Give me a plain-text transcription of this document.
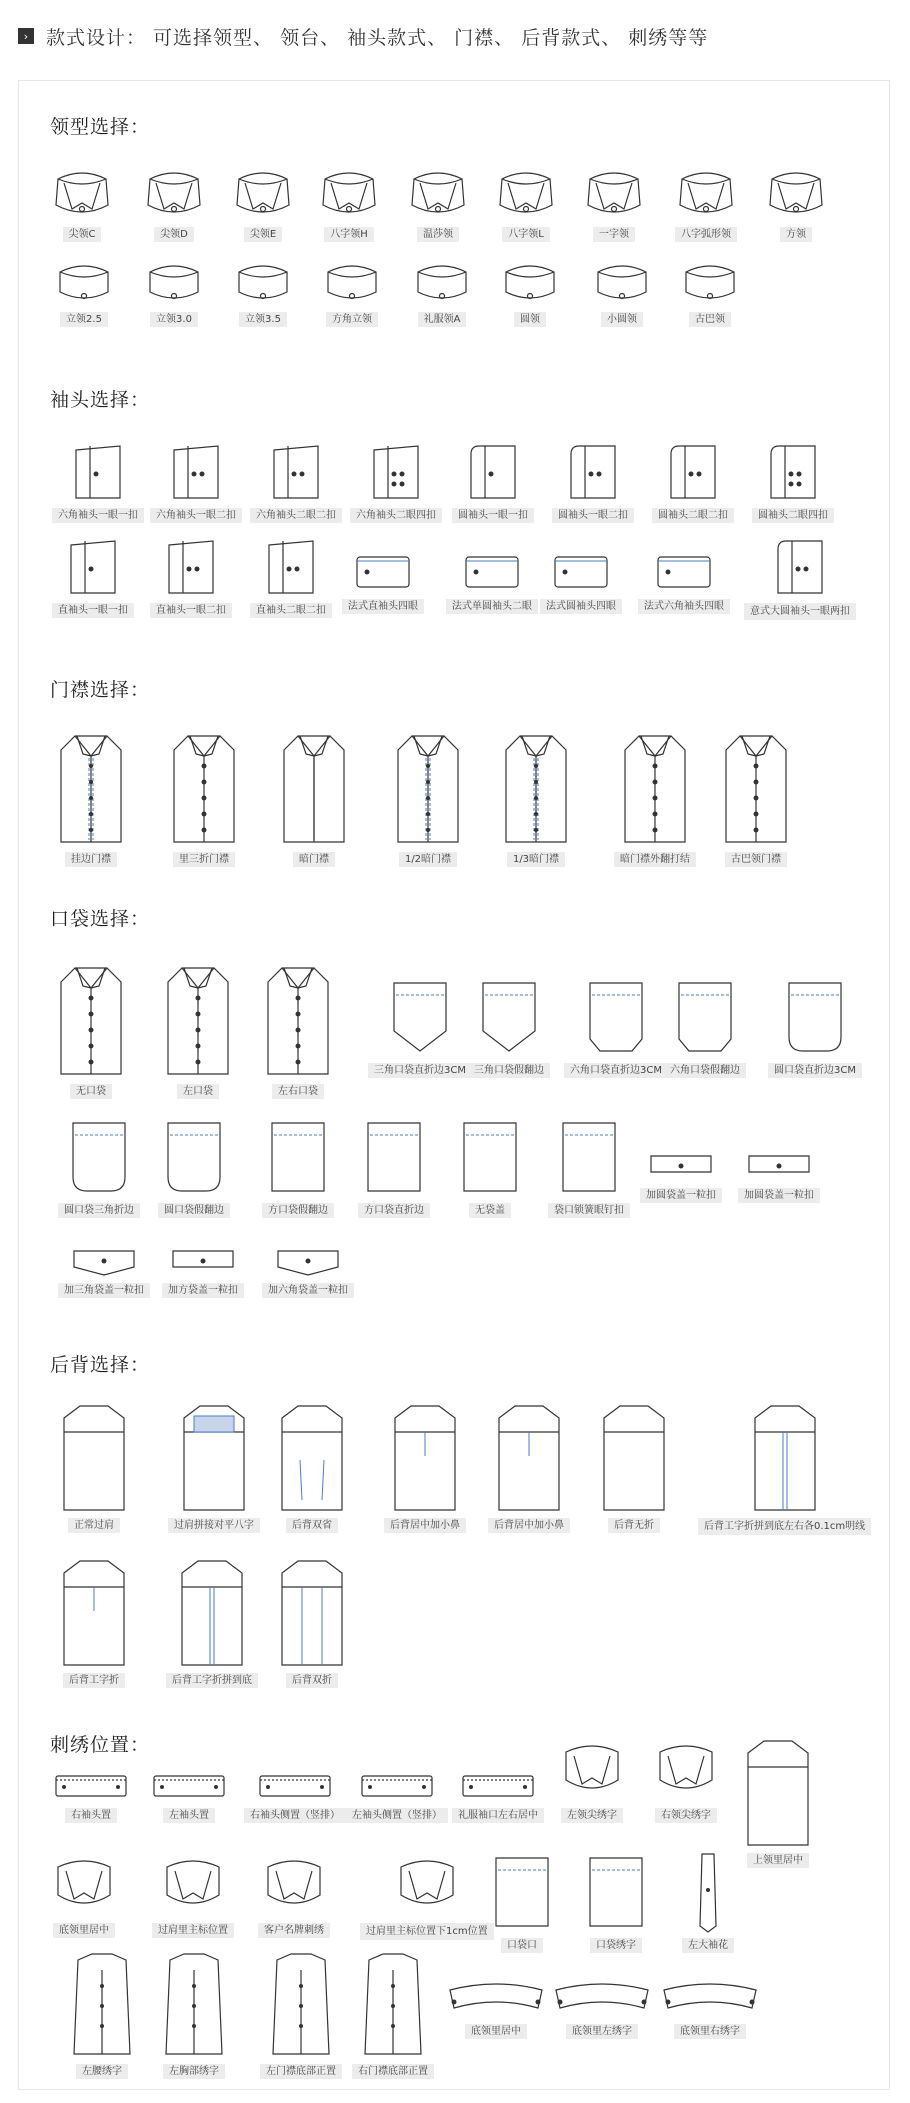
› 款式设计： 可选择领型、 领台、 袖头款式、 门襟、 后背款式、 刺绣等等
领型选择：
袖头选择：
门襟选择：
口袋选择：
后背选择：
刺绣位置：
尖领C	尖领D	尖领E	八字领H	温莎领	八字领L	一字领	八字弧形领	方领
立领2.5	立领3.0	立领3.5	方角立领	礼服领A	圆领	小圆领	古巴领
六角袖头一眼一扣	六角袖头一眼二扣	六角袖头二眼二扣	六角袖头二眼四扣	圆袖头一眼一扣	圆袖头一眼二扣	圆袖头二眼二扣	圆袖头二眼四扣
直袖头一眼一扣	直袖头一眼二扣	直袖头二眼二扣	法式直袖头四眼	法式单圆袖头二眼	法式圆袖头四眼	法式六角袖头四眼	意式大圆袖头一眼两扣
挂边门襟	里三折门襟	暗门襟	1/2暗门襟	1/3暗门襟	暗门襟外翻打结	古巴领门襟
无口袋	左口袋	左右口袋
三角口袋直折边3CM 三角口袋假翻边	六角口袋直折边3CM 六角口袋假翻边	圆口袋直折边3CM
圆口袋三角折边	圆口袋假翻边	方口袋假翻边	方口袋直折边	无袋盖	袋口锁簧眼钉扣
加圆袋盖一粒扣	加圆袋盖一粒扣
加三角袋盖一粒扣	加方袋盖一粒扣	加六角袋盖一粒扣
正常过肩	过肩拼接对平八字	后背双省	后背居中加小鼻	后背居中加小鼻	后背无折	后背工字折拼到底左右各0.1cm明线
后背工字折	后背工字折拼到底	后背双折
右袖头置	左袖头置	右袖头侧置（竖排）	左袖头侧置（竖排）	礼服袖口左右居中	左领尖绣字	右领尖绣字
上领里居中
底领里居中	过肩里主标位置	客户名牌刺绣	过肩里主标位置下1cm位置
口袋口	口袋绣字	左大袖花
左腰绣字	左胸部绣字	左门襟底部正置	右门襟底部正置
底领里居中	底领里左绣字	底领里右绣字
